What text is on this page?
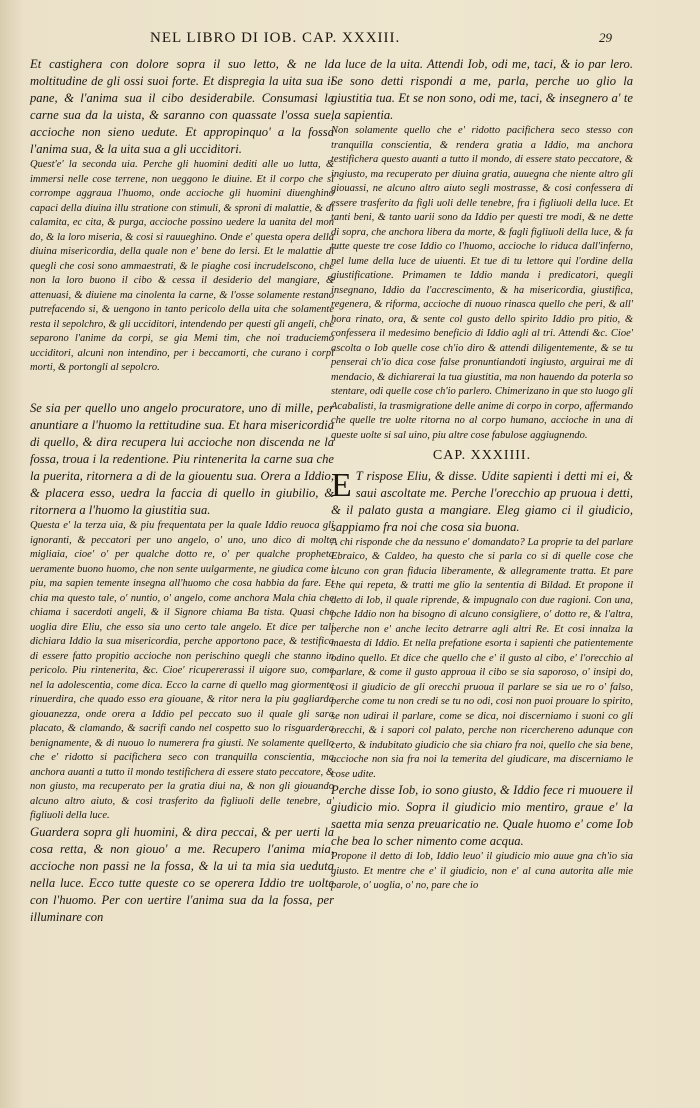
NEL LIBRO DI IOB. CAP. XXXIII.	29

Et castighera con dolore sopra il suo letto, & ne la moltitudine de gli ossi suoi forte. Et dispregia la uita sua il pane, & l'anima sua il cibo desiderabile. Consumasi la carne sua da la uista, & saranno con quassate l'ossa sue, accioche non sieno uedute. Et appropinquo' a la fossa l'anima sua, & la uita sua a gli ucciditori.

Quest'e' la seconda uia. Perche gli huomini dediti alle uo lutta, & immersi nelle cose terrene, non ueggono le diuine. Et il corpo che si corrompe aggraua l'huomo, onde accioche gli huomini diuenghino capaci della diuina illu stratione con stimuli, & sproni di malattie, & di calamita, ec cita, & purga, accioche possino uedere la uanita del mon do, & la loro miseria, & cosi si rauueghino. Onde e' questa opera della diuina misericordia, della quale non e' bene do lersi. Et le malattie di quegli che cosi sono ammaestrati, & le piaghe cosi incrudelscono, che non la loro buono il cibo & cessa il desiderio del mangiare, & attenuasi, & diuiene ma cinolenta la carne, & l'osse solamente restano putrefacendo si, & uengono in tanto pericolo della uita che solamente resta il sepolchro, & gli ucciditori, intendendo per questi gli angeli, che separono l'anime da corpi, se gia Memi tim, che noi traduciemo ucciditori, alcuni non intendino, per i beccamorti, che curano i corpi morti, & portongli al sepolcro.

Se sia per quello uno angelo procuratore, uno di mille, per anuntiare a l'huomo la rettitudine sua. Et hara misericordia di quello, & dira recupera lui accioche non discenda ne la fossa, troua i la redentione. Piu rintenerita la carne sua che la puerita, ritornera a di de la giouentu sua. Orera a Iddio, & placera esso, uedra la faccia di quello in giubilio, & ritornera a l'huomo la giustitia sua.

Questa e' la terza uia, & piu frequentata per la quale Iddio reuoca gli ignoranti, & peccatori per uno angelo, o' uno, uno dico di molte migliaia, cioe' o' per qualche dotto re, o' per qualche propheta ueramente buono huomo, che non sente uulgarmente, ne giudica come i piu, ma sapien temente insegna all'huomo che cosa habbia da fare. Et chia ma questo tale, o' nuntio, o' angelo, come anchora Mala chia che chiama i sacerdoti angeli, & il Signore chiama Ba tista. Quasi che uoglia dire Eliu, che esso sia uno certo tale angelo. Et dice per tali dichiara Iddio la sua misericordia, perche apportono pace, & testifica di essere fatto propitio accioche non perischino quegli che stanno in pericolo. Piu rintenerita, &c. Cioe' ricupererassi il uigore suo, come nel la adolescentia, come dica. Ecco la carne di quello mag giormente rinuerdira, che quado esso era giouane, & ritor nera la piu gagliarda giouanezza, onde orera a Iddio pel peccato suo il quale gli sara placato, & clamando, & sacrifi cando nel cospetto suo lo risguardera benignamente, & di nuouo lo numerera fra giusti. Ne solamente quello che e' ridotto si pacifichera seco con tranquilla conscientia, ma anchora auanti a tutto il mondo testifichera di essere stato peccatore, & non giusto, ma recuperato per la gratia diui na, & non gli giouando alcuno altro aiuto, & cosi trasferito da figliuoli delle tenebre, a' figliuoli della luce.

Guardera sopra gli huomini, & dira peccai, & per uerti la cosa retta, & non giouo' a me. Recupero l'anima mia, accioche non passi ne la fossa, & la ui ta mia sia ueduta nella luce. Ecco tutte queste co se operera Iddio tre uolte con l'huomo. Per con uertire l'anima sua da la fossa, per illuminare con

la luce de la uita. Attendi Iob, odi me, taci, & io par lero. Se sono detti rispondi a me, parla, perche uo glio la giustitia tua. Et se non sono, odi me, taci, & insegnero a' te la sapientia.

Non solamente quello che e' ridotto pacifichera seco stesso con tranquilla conscientia, & rendera gratia a Iddio, ma anchora testifichera questo auanti a tutto il mondo, di essere stato peccatore, & ingiusto, ma recuperato per diuina gratia, auuegna che niente altro gli giouassi, ne alcuno altro aiuto segli mostrasse, & cosi confessera di essere trasferito da figli uoli delle tenebre, fra i figliuoli della luce. Et tanti beni, & tanto uarii sono da Iddio per questi tre modi, & ne dette di sopra, che anchora libera da morte, & fagli figliuoli della luce, & fa tutte queste tre cose Iddio co l'huomo, accioche lo riduca dall'inferno, nel lume della luce de uiuenti. Et tue di tu lettore qui l'ordine della giustificatione. Primamen te Iddio manda i predicatori, quegli insegnano, Iddio da l'accrescimento, & ha misericordia, giustifica, regenera, & riforma, accioche di nuouo rinasca quello che peri, & all' hora rinato, ora, & sente col gusto dello spirito Iddio pro pitio, & confessera il medesimo beneficio di Iddio agli al tri. Attendi &c. Cioe' ascolta o Iob quelle cose ch'io diro & attendi diligentemente, & se tu penserai ch'io dica cose false pronuntiandoti ingiusto, arguirai me di mendacio, & dichiarerai la tua giustitia, ma non hauendo da poterla so stentare, odi quelle cose ch'io parlero. Chimerizano in que sto luogo gli Acabalisti, la trasmigratione delle anime di corpo in corpo, affermando che quelle tre uolte ritorna no al corpo humano, accioche in una di queste uolte si sal uino, piu altre cose fabulose aggiugnendo.

CAP. XXXIIII.

E T rispose Eliu, & disse. Udite sapienti i detti mi ei, & saui ascoltate me. Perche l'orecchio ap pruoua i detti, & il palato gusta a mangiare. Eleg giamo ci il giudicio, sappiamo fra noi che cosa sia buona.

A chi risponde che da nessuno e' domandato? La proprie ta del parlare Ebraico, & Caldeo, ha questo che si parla co si di quelle cose che alcuno con gran fiducia liberamente, & allegramente tratta. Et pare che qui repeta, & tratti me glio la sententia di Bildad. Et propone il detto di Iob, il quale riprende, & impugnalo con due ragioni. Con una, pche Iddio non ha bisogno di alcuno consigliere, o' dotto re, & l'altra, perche non e' anche lecito detrarre agli altri Re. Et cosi innalza la maesta di Iddio. Et nella prefatione esorta i sapienti che patientemente odino quello. Et dice che quello che e' il gusto al cibo, e' l'orecchio al parlare, & come il gusto approua il cibo se sia saporoso, o' insipi do, cosi il giudicio de gli orecchi pruoua il parlare se sia ue ro o' falso, perche come tu non credi se tu no odi, cosi non puoi prouare lo spirito, se non udirai il parlare, come se dica, noi discerniamo i suoni co gli orecchi, & i sapori col palato, perche non ricerchereno adunque con certo, & indubitato giudicio che sia chiaro fra noi, quello che sia bene, accioche non sia fra noi la temerita del giudicare, ma discerniamo le cose udite.

Perche disse Iob, io sono giusto, & Iddio fece ri muouere il giudicio mio. Sopra il giudicio mio mentiro, graue e' la saetta mia senza preuaricatio ne. Quale huomo e' come Iob che bea lo scher nimento come acqua.

Propone il detto di Iob, Iddio leuo' il giudicio mio auue gna ch'io sia giusto. Et mentre che e' il giudicio, non e' al cuna autorita alle mie parole, o' uoglia, o' no, pare che io
